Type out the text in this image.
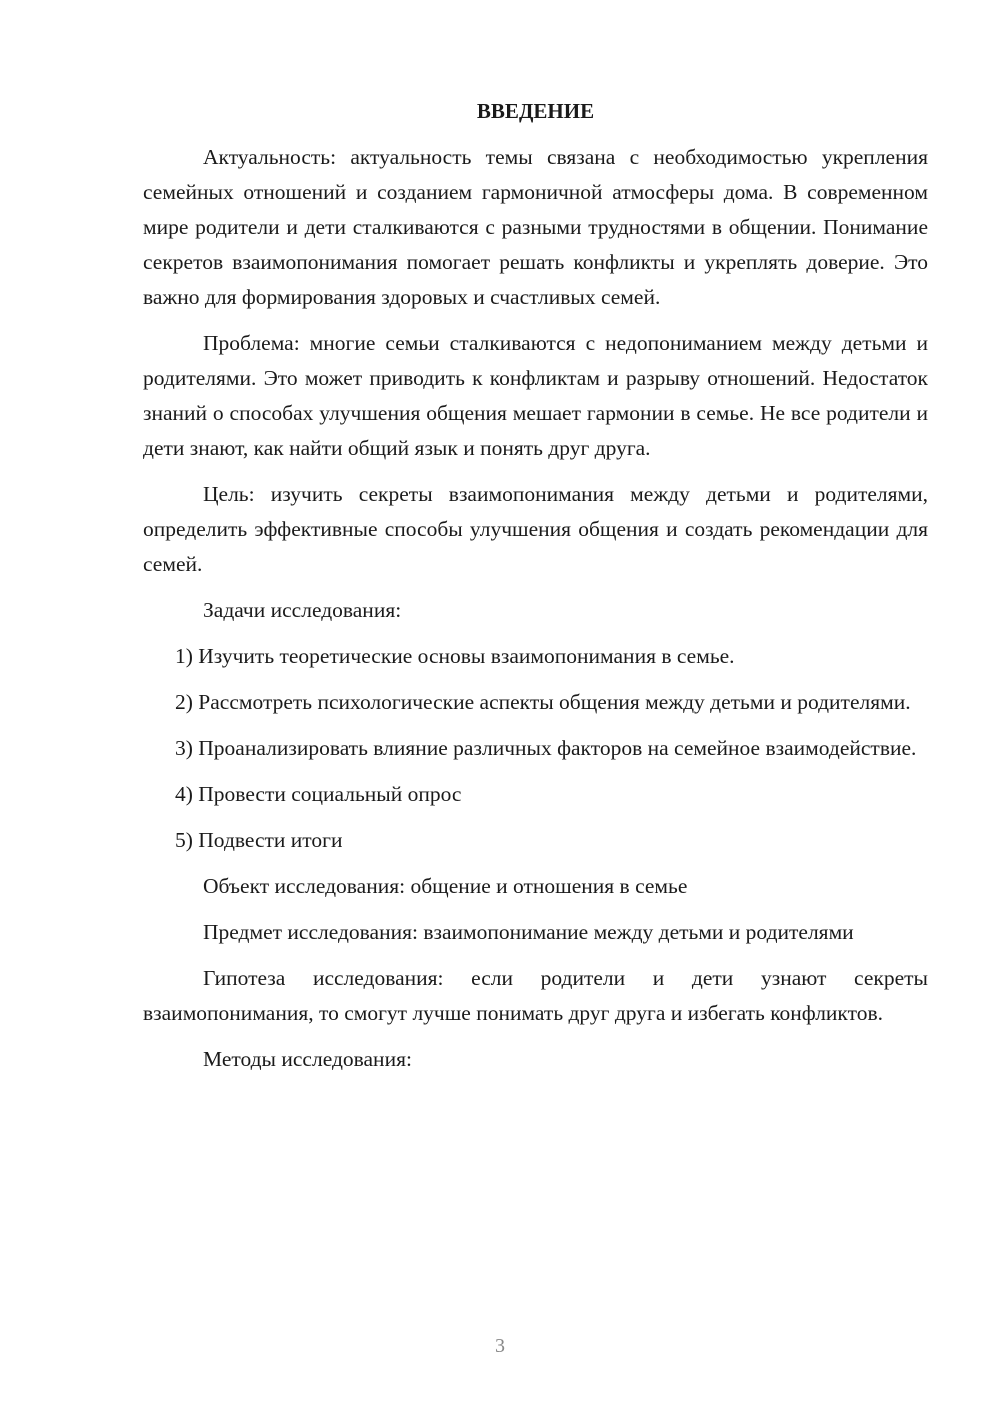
ВВЕДЕНИЕ

Актуальность: актуальность темы связана с необходимостью укрепления семейных отношений и созданием гармоничной атмосферы дома. В современном мире родители и дети сталкиваются с разными трудностями в общении. Понимание секретов взаимопонимания помогает решать конфликты и укреплять доверие. Это важно для формирования здоровых и счастливых семей.

Проблема: многие семьи сталкиваются с недопониманием между детьми и родителями. Это может приводить к конфликтам и разрыву отношений. Недостаток знаний о способах улучшения общения мешает гармонии в семье. Не все родители и дети знают, как найти общий язык и понять друг друга.

Цель: изучить секреты взаимопонимания между детьми и родителями, определить эффективные способы улучшения общения и создать рекомендации для семей.

Задачи исследования:

1) Изучить теоретические основы взаимопонимания в семье.

2) Рассмотреть психологические аспекты общения между детьми и родителями.

3) Проанализировать влияние различных факторов на семейное взаимодействие.

4) Провести социальный опрос

5) Подвести итоги

Объект исследования: общение и отношения в семье

Предмет исследования: взаимопонимание между детьми и родителями

Гипотеза исследования: если родители и дети узнают секреты взаимопонимания, то смогут лучше понимать друг друга и избегать конфликтов.

Методы исследования:

3
